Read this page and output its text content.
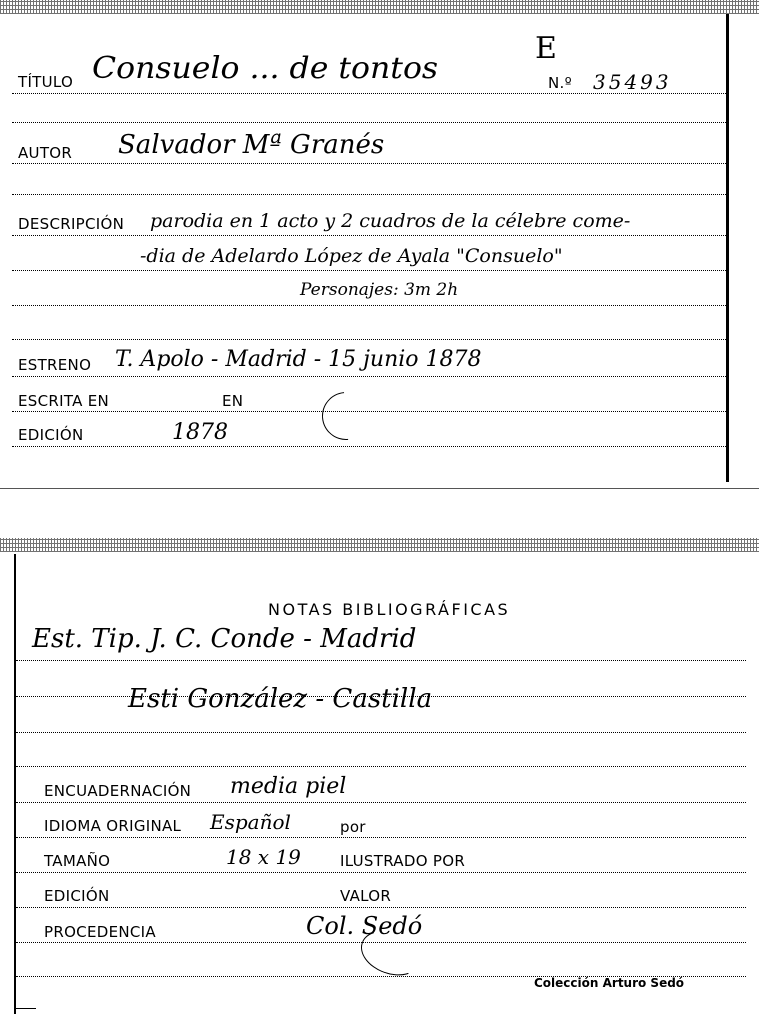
E
TÍTULO Consuelo ... de tontos	N.º 35493
AUTOR Salvador Mª Granés
DESCRIPCIÓN parodia en 1 acto y 2 cuadros de la célebre come-
-dia de Adelardo López de Ayala "Consuelo"
Personajes: 3m 2h
ESTRENO T. Apolo - Madrid - 15 junio 1878
ESCRITA EN	EN
EDICIÓN	1878
NOTAS BIBLIOGRÁFICAS
Est. Tip. J. C. Conde - Madrid
Esti González - Castilla
ENCUADERNACIÓN media piel
IDIOMA ORIGINAL Español	por
TAMAÑO	18 x 19	ILUSTRADO POR
EDICIÓN	VALOR
PROCEDENCIA	Col. Sedó
Colección Arturo Sedó
